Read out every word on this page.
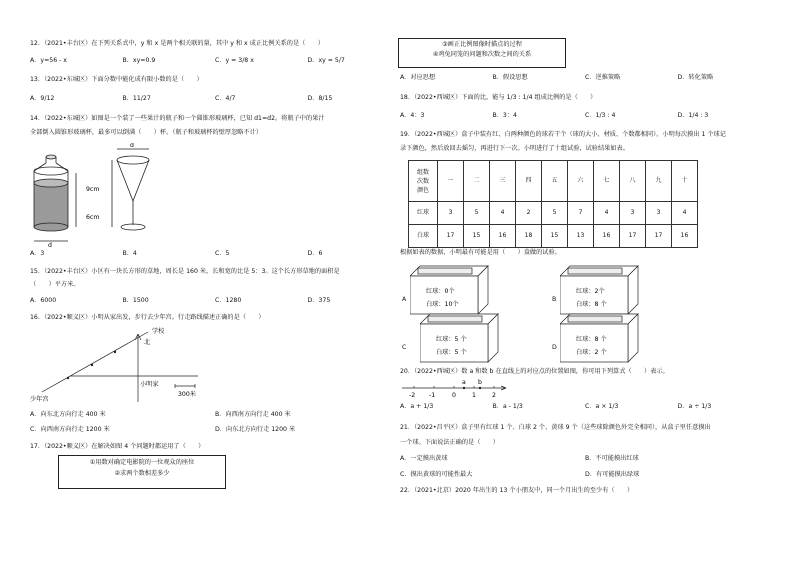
12．（2021•丰台区）在下列关系式中，y 和 x 是两个相关联的量，其中 y 和 x 成正比例关系的是（　　）
A．y=56 - x	B．xy=0.9	C．y = 3/8 x	D．xy = 5/7
13．（2022•东城区）下面分数中能化成有限小数的是（　　）
A．9/12	B．11/27	C．4/7	D．8/15
14．（2022•东城区）如图是一个装了一些果汁的瓶子和一个圆锥形玻璃杯，已知 d1=d2。将瓶子中的果汁
全部倒入圆锥形玻璃杯，最多可以倒满（　　）杯。（瓶子和玻璃杯的壁厚忽略不计）
9cm
6cm
d
d
A．3	B．4	C．5	D．6
15．（2022•丰台区）小区有一块长方形的草地，周长是 160 米，长和宽的比是 5：3。这个长方形草地的面积是
（　　）平方米。
A．6000	B．1500	C．1280	D．375
16．（2022•顺义区）小明从家出发，步行去少年宫。行走路线描述正确的是（　　）
学校
北
小明家
少年宫
300米
A．向东北方向行走 400 米	B．向西南方向行走 400 米
C．向西南方向行走 1200 米	D．向东北方向行走 1200 米
17．（2022•顺义区）在解决如图 4 个问题时都运用了（　　）
①用数对确定电影院的一位观众的座位
②求两个数相差多少
③画正比例图像时描点的过程
④鸡兔同笼的问题和次数之间的关系
A．对应思想	B．假设思想	C．逆推策略	D．转化策略
18．（2022•西城区）下面的比，能与 1/3 : 1/4 组成比例的是（　　）
A．4：3	B．3：4	C．1/3 : 4	D．1/4 : 3
19．（2022•西城区）盒子中装有红、白两种颜色的球若干个（球的大小、材质、个数都相同）。小明每次摸出 1 个球记
录下颜色，然后放回去摇匀，再进行下一次。小明进行了十组试验，试验结果如表。
组数
次数
颜色	一	二	三	四	五	六	七	八	九	十
红球	3	5	4	2	5	7	4	3	3	4
白球	17	15	16	18	15	13	16	17	17	16
根据如表的数据，小明最有可能是用（　　）盒做的试验。
红球：0个
白球：10个
A
红球：2个
白球：8 个
B
红球：5 个
白球：5 个
C
红球：8 个
白球：2 个
D
20．（2022•西城区）数 a 和数 b 在直线上的对应点的位置如图，你可用下列算式（　　）表示。
a b
-2 -1	0	1	2
A．a + 1/3	B．a - 1/3	C．a × 1/3	D．a ÷ 1/3
21．（2022•昌平区）盒子里有红球 1 个、白球 2 个、黄球 9 个（这些球除颜色外完全相同），从盒子里任意摸出
一个球。下面说法正确的是（　　）
A．一定摸出黄球	B．不可能摸出红球
C．摸出黄球的可能性最大	D．有可能摸出绿球
22．（2021•北京）2020 年出生的 13 个小朋友中，同一个月出生的至少有（　　）
